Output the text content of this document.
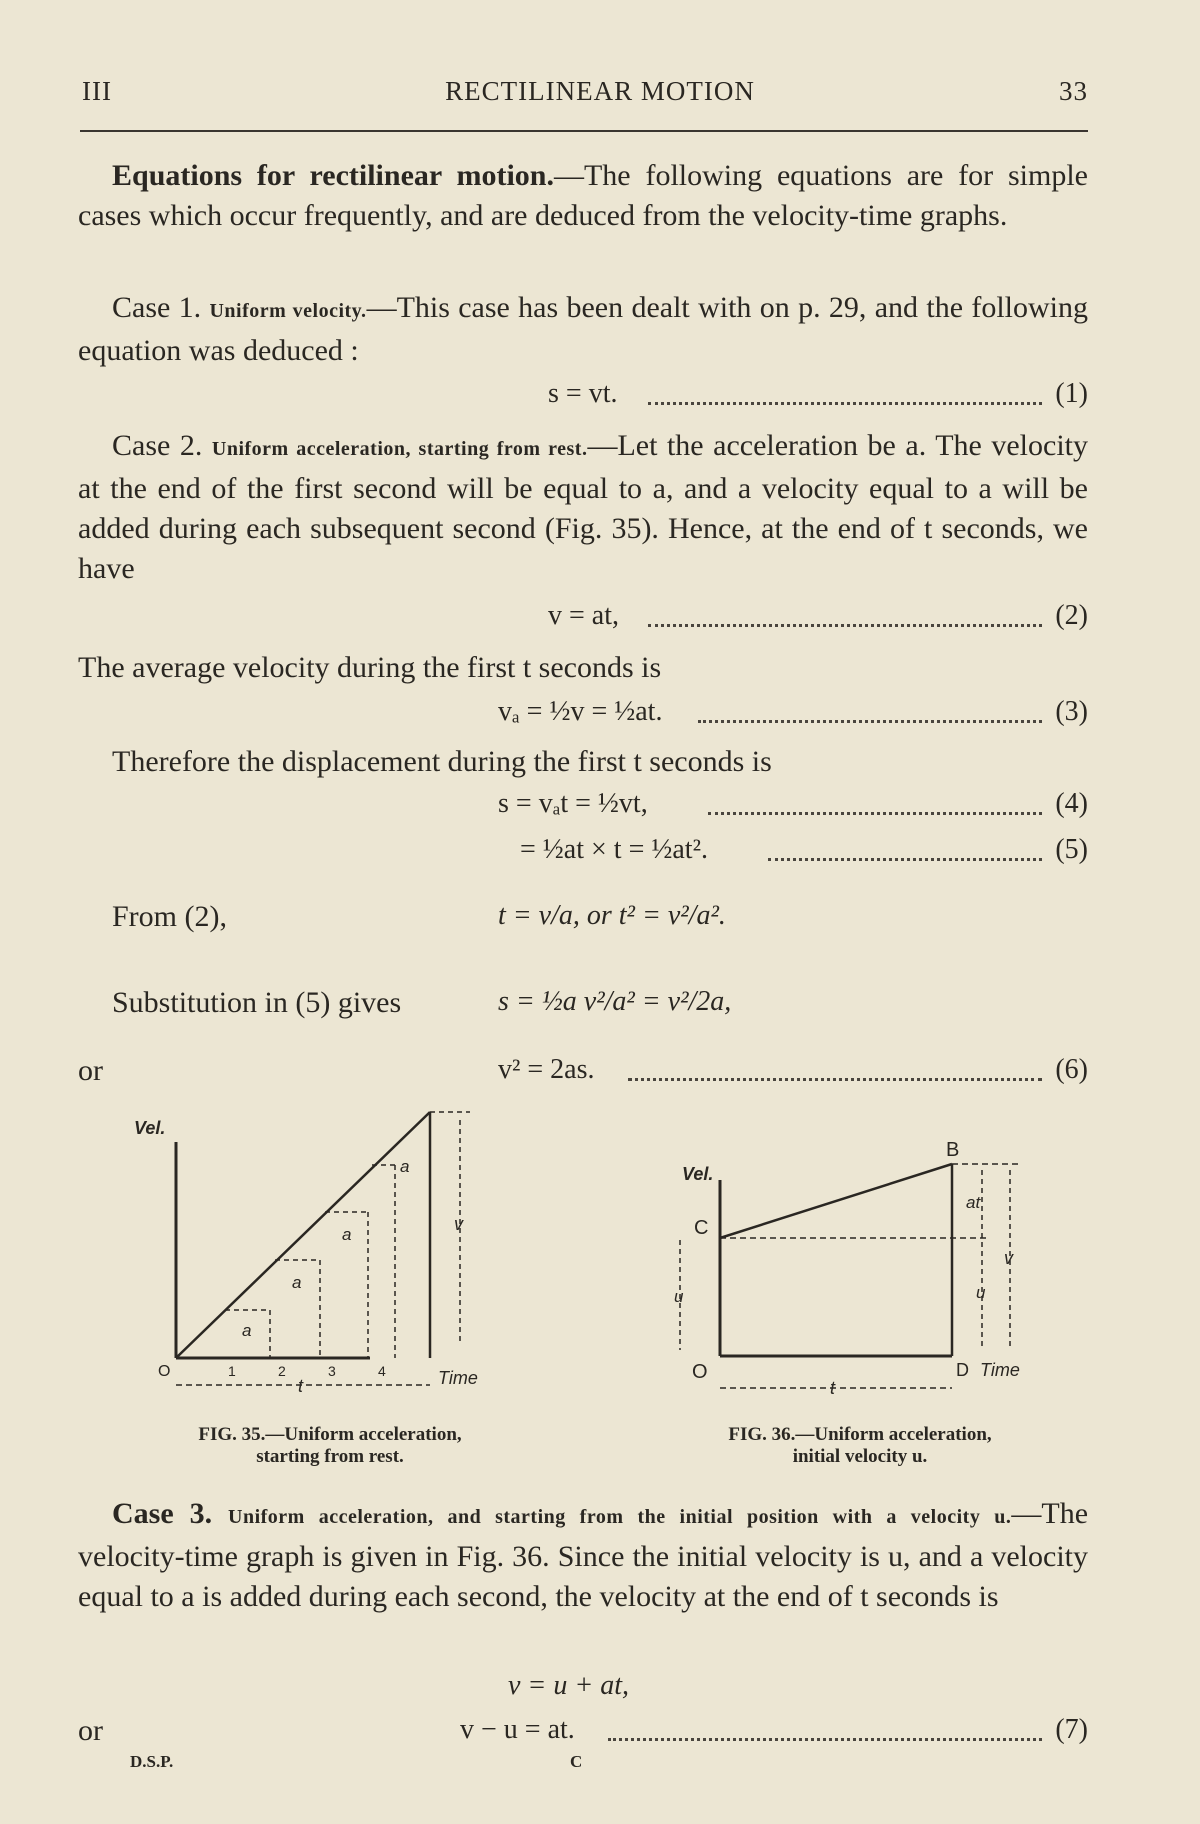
III	RECTILINEAR MOTION	33
Equations for rectilinear motion.—The following equations are for simple cases which occur frequently, and are deduced from the velocity-time graphs.
Case 1. Uniform velocity.—This case has been dealt with on p. 29, and the following equation was deduced :
s = vt.	(1)
Case 2. Uniform acceleration, starting from rest.—Let the acceleration be a. The velocity at the end of the first second will be equal to a, and a velocity equal to a will be added during each subsequent second (Fig. 35). Hence, at the end of t seconds, we have
v = at,	(2)
The average velocity during the first t seconds is
vₐ = ½v = ½at.	(3)
Therefore the displacement during the first t seconds is
s = vₐt = ½vt,	(4)
= ½at × t = ½at².	(5)
From (2),	t = v/a, or t² = v²/a².
Substitution in (5) gives	s = ½a v²/a² = v²/2a,
or	v² = 2as.	(6)
Vel.
Time
O	1	2	3	4
a
a
a
a
v
t
FIG. 35.—Uniform acceleration,
starting from rest.
Vel.
B
C
O	D Time
at
v
u
u
t
FIG. 36.—Uniform acceleration,
initial velocity u.
Case 3. Uniform acceleration, and starting from the initial position with a velocity u.—The velocity-time graph is given in Fig. 36. Since the initial velocity is u, and a velocity equal to a is added during each second, the velocity at the end of t seconds is
v = u + at,
or	v − u = at.	(7)
D.S.P.	C
